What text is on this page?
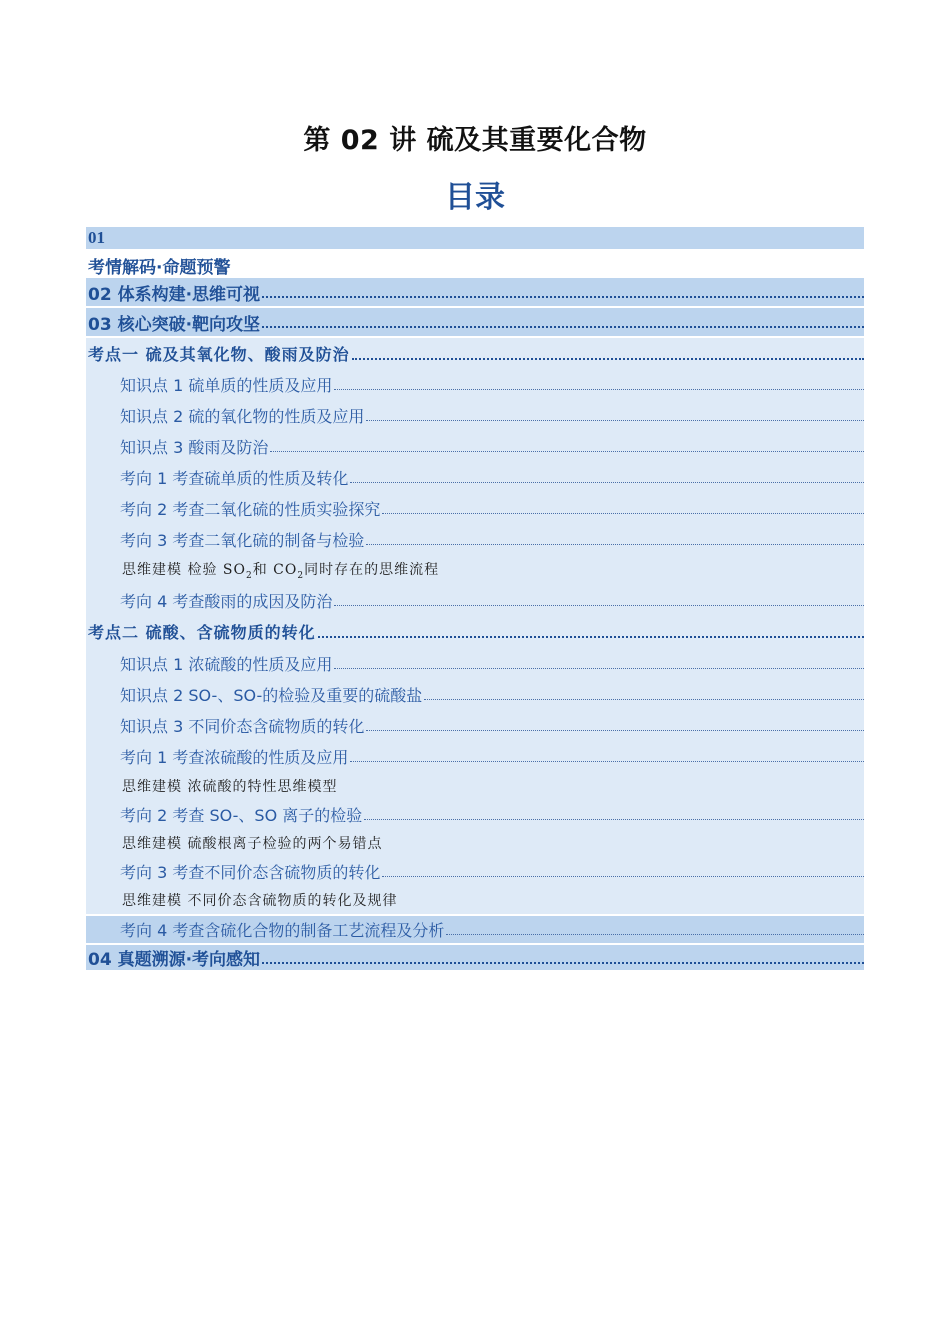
第 02 讲 硫及其重要化合物
目录
01
考情解码·命题预警
02 体系构建·思维可视
03 核心突破·靶向攻坚
考点一 硫及其氧化物、酸雨及防治
知识点 1 硫单质的性质及应用
知识点 2 硫的氧化物的性质及应用
知识点 3 酸雨及防治
考向 1 考查硫单质的性质及转化
考向 2 考查二氧化硫的性质实验探究
考向 3 考查二氧化硫的制备与检验
思维建模 检验 $SO_2$和 $CO_2$同时存在的思维流程
考向 4 考查酸雨的成因及防治
考点二 硫酸、含硫物质的转化
知识点 1 浓硫酸的性质及应用
知识点 2 SO-、SO-的检验及重要的硫酸盐
知识点 3 不同价态含硫物质的转化
考向 1 考查浓硫酸的性质及应用
思维建模 浓硫酸的特性思维模型
考向 2 考查 SO-、SO 离子的检验
思维建模 硫酸根离子检验的两个易错点
考向 3 考查不同价态含硫物质的转化
思维建模 不同价态含硫物质的转化及规律
考向 4 考查含硫化合物的制备工艺流程及分析
04 真题溯源·考向感知
